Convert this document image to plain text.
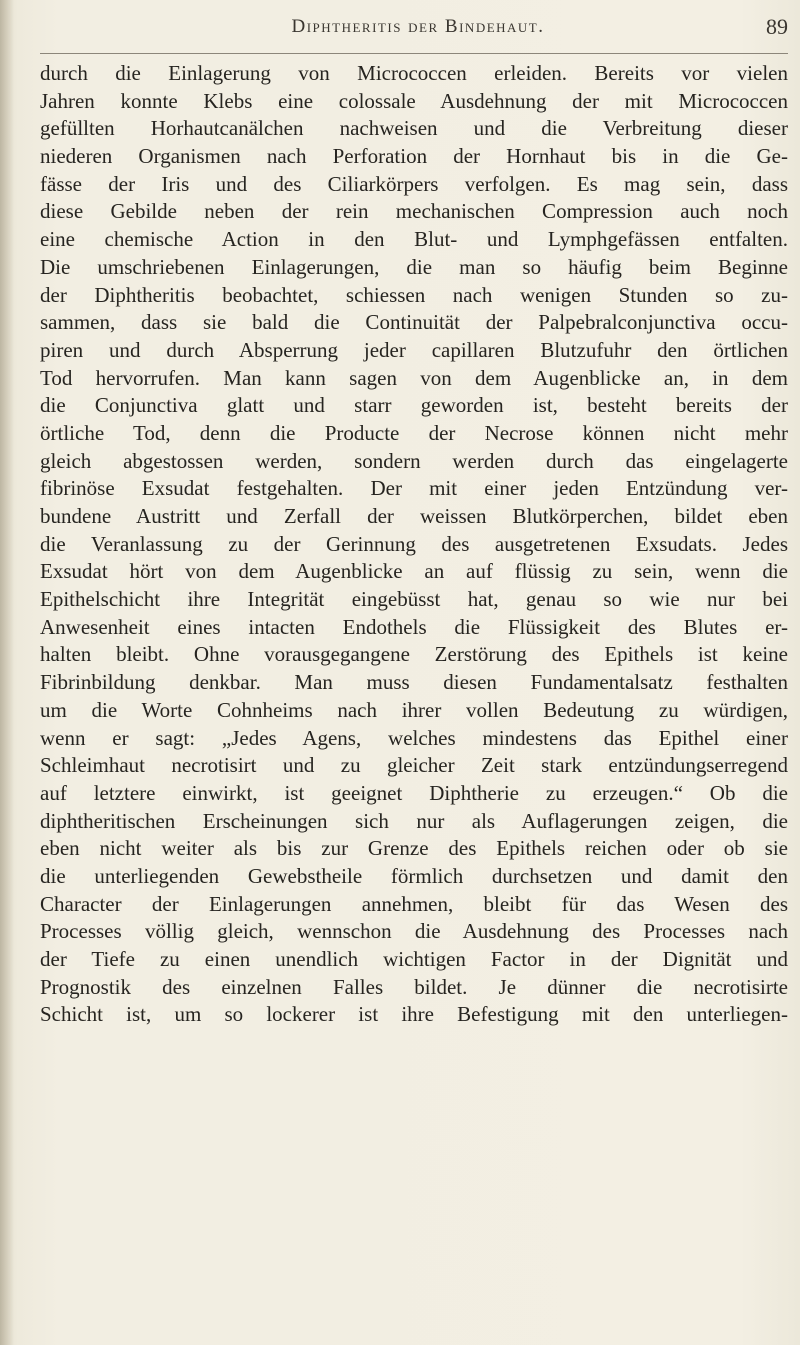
Diphtheritis der Bindehaut.	89
durch die Einlagerung von Micrococcen erleiden. Bereits vor vielen
Jahren konnte Klebs eine colossale Ausdehnung der mit Micrococcen
gefüllten Horhautcanälchen nachweisen und die Verbreitung dieser
niederen Organismen nach Perforation der Hornhaut bis in die Ge-
fässe der Iris und des Ciliarkörpers verfolgen. Es mag sein, dass
diese Gebilde neben der rein mechanischen Compression auch noch
eine chemische Action in den Blut- und Lymphgefässen entfalten.
Die umschriebenen Einlagerungen, die man so häufig beim Beginne
der Diphtheritis beobachtet, schiessen nach wenigen Stunden so zu-
sammen, dass sie bald die Continuität der Palpebralconjunctiva occu-
piren und durch Absperrung jeder capillaren Blutzufuhr den örtlichen
Tod hervorrufen. Man kann sagen von dem Augenblicke an, in dem
die Conjunctiva glatt und starr geworden ist, besteht bereits der
örtliche Tod, denn die Producte der Necrose können nicht mehr
gleich abgestossen werden, sondern werden durch das eingelagerte
fibrinöse Exsudat festgehalten. Der mit einer jeden Entzündung ver-
bundene Austritt und Zerfall der weissen Blutkörperchen, bildet eben
die Veranlassung zu der Gerinnung des ausgetretenen Exsudats. Jedes
Exsudat hört von dem Augenblicke an auf flüssig zu sein, wenn die
Epithelschicht ihre Integrität eingebüsst hat, genau so wie nur bei
Anwesenheit eines intacten Endothels die Flüssigkeit des Blutes er-
halten bleibt. Ohne vorausgegangene Zerstörung des Epithels ist keine
Fibrinbildung denkbar. Man muss diesen Fundamentalsatz festhalten
um die Worte Cohnheims nach ihrer vollen Bedeutung zu würdigen,
wenn er sagt: „Jedes Agens, welches mindestens das Epithel einer
Schleimhaut necrotisirt und zu gleicher Zeit stark entzündungserregend
auf letztere einwirkt, ist geeignet Diphtherie zu erzeugen.“ Ob die
diphtheritischen Erscheinungen sich nur als Auflagerungen zeigen, die
eben nicht weiter als bis zur Grenze des Epithels reichen oder ob sie
die unterliegenden Gewebstheile förmlich durchsetzen und damit den
Character der Einlagerungen annehmen, bleibt für das Wesen des
Processes völlig gleich, wennschon die Ausdehnung des Processes nach
der Tiefe zu einen unendlich wichtigen Factor in der Dignität und
Prognostik des einzelnen Falles bildet. Je dünner die necrotisirte
Schicht ist, um so lockerer ist ihre Befestigung mit den unterliegen-
